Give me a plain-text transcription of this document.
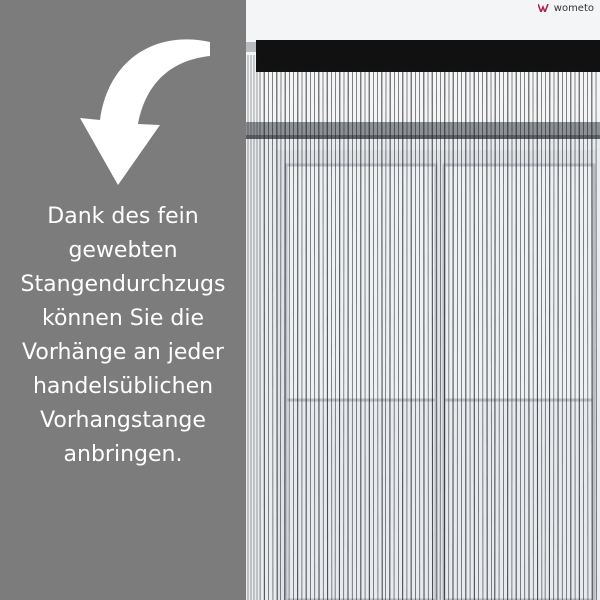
Dank des fein
gewebten
Stangendurchzugs
können Sie die
Vorhänge an jeder
handelsüblichen
Vorhangstange
anbringen.
wometo
